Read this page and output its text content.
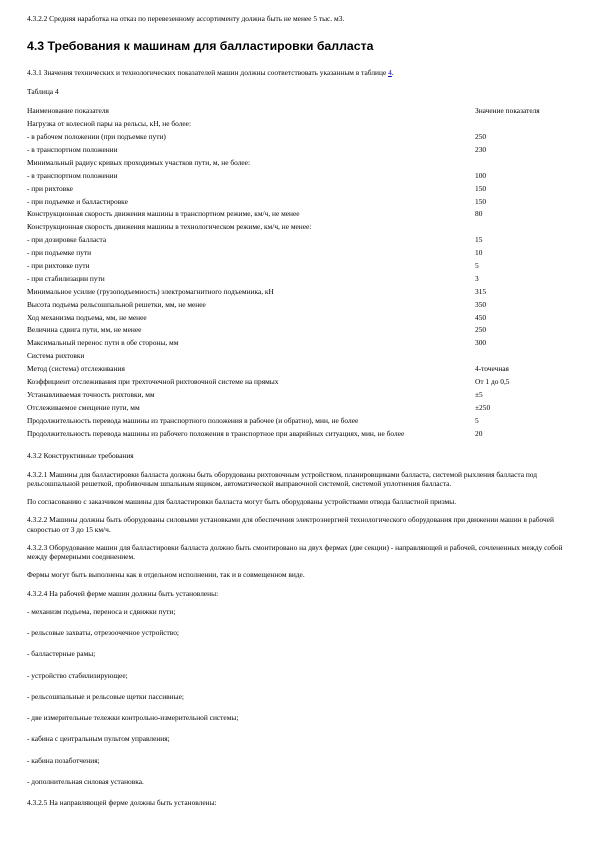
4.3.2.2 Средняя наработка на отказ по перевезенному ассортименту должна быть не менее 5 тыс. м3.

4.3 Требования к машинам для балластировки балласта

4.3.1 Значения технических и технологических показателей машин должны соответствовать указанным в таблице 4.

Таблица 4

Наименование показателя	Значение показателя
Нагрузка от колесной пары на рельсы, кН, не более:	
- в рабочем положении (при подъемке пути)	250
- в транспортном положении	230
Минимальный радиус кривых проходимых участков пути, м, не более:	
- в транспортном положении	100
- при рихтовке	150
- при подъемке и балластировке	150
Конструкционная скорость движения машины в транспортном режиме, км/ч, не менее	80
Конструкционная скорость движения машины в технологическом режиме, км/ч, не менее:	
- при дозировке балласта	15
- при подъемке пути	10
- при рихтовке пути	5
- при стабилизации пути	3
Минимальное усилие (грузоподъемность) электромагнитного подъемника, кН	315
Высота подъема рельсошпальной решетки, мм, не менее	350
Ход механизма подъема, мм, не менее	450
Величина сдвига пути, мм, не менее	250
Максимальный перенос пути в обе стороны, мм	300
Система рихтовки	
Метод (система) отслеживания	4-точечная
Коэффициент отслеживания при трехточечной рихтовочной системе на прямых	От 1 до 0,5
Устанавливаемая точность рихтовки, мм	±5
Отслеживаемое смещение пути, мм	±250
Продолжительность перевода машины из транспортного положения в рабочее (и обратно), мин, не более	5
Продолжительность перевода машины из рабочего положения в транспортное при аварийных ситуациях, мин, не более	20

4.3.2 Конструктивные требования

4.3.2.1 Машины для балластировки балласта должны быть оборудованы рихтовочным устройством, планировщиками балласта, системой рыхления балласта под рельсошпальной решеткой, пробивочным шпальным ящиком, автоматической выправочной системой, системой уплотнения балласта.

По согласованию с заказчиком машины для балластировки балласта могут быть оборудованы устройствами отвода балластной призмы.

4.3.2.2 Машины должны быть оборудованы силовыми установками для обеспечения электроэнергией технологического оборудования при движении машин в рабочей скоростью от 3 до 15 км/ч.

4.3.2.3 Оборудование машин для балластировки балласта должно быть смонтировано на двух фермах (две секции) - направляющей и рабочей, сочлененных между собой между фермерными соединением.

Фермы могут быть выполнены как в отдельном исполнении, так и в совмещенном виде.

4.3.2.4 На рабочей ферме машин должны быть установлены:

- механизм подъема, переноса и сдвижки пути;

- рельсовые захваты, отрезоочечное устройство;

- балластерные рамы;

- устройство стабилизирующее;

- рельсошпальные и рельсовые щетки пассивные;

- две измерительные тележки контрольно-измерительной системы;

- кабина с центральным пультом управления;

- кабина позаботчения;

- дополнительная силовая установка.

4.3.2.5 На направляющей ферме должны быть установлены:
